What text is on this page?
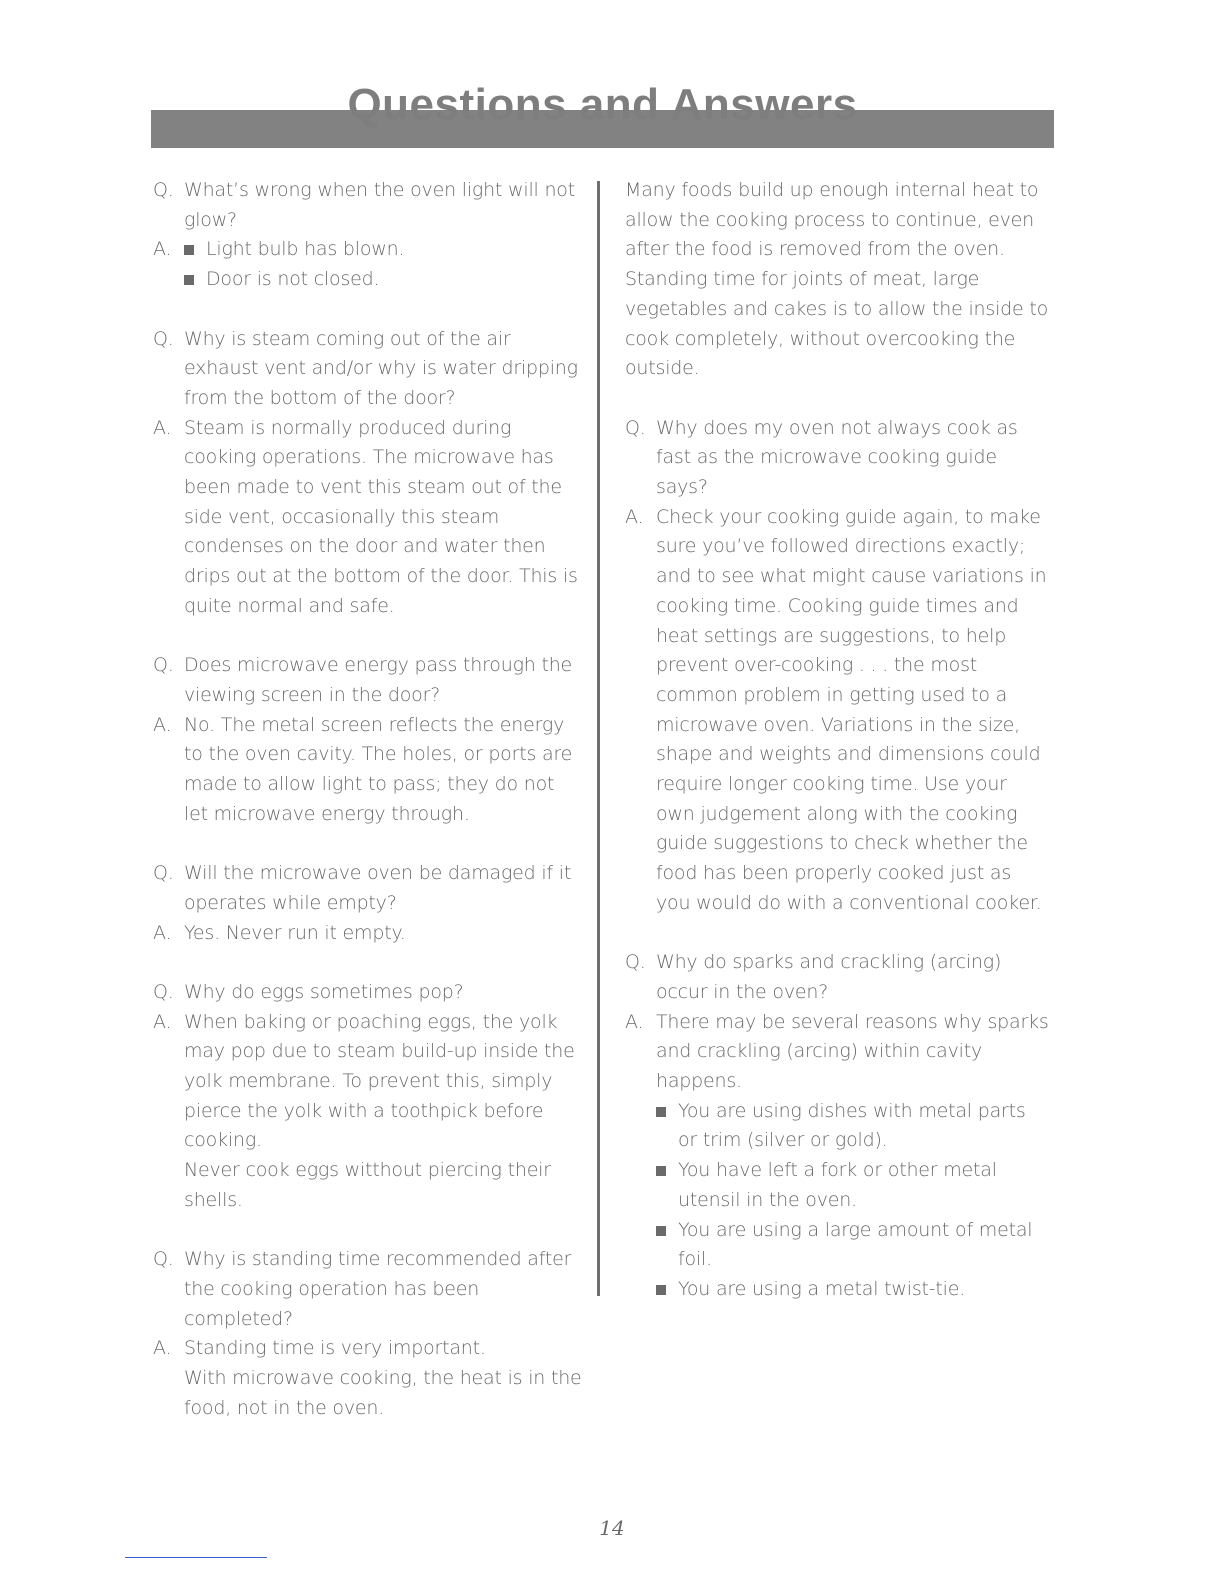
Questions and Answers
Q. What’s wrong when the oven light will not glow?
A.	Light bulb has blown.
Door is not closed.
Q. Why is steam coming out of the air exhaust vent and/or why is water dripping from the bottom of the door?
A. Steam is normally produced during cooking operations. The microwave has been made to vent this steam out of the side vent, occasionally this steam condenses on the door and water then drips out at the bottom of the door. This is quite normal and safe.
Q. Does microwave energy pass through the viewing screen in the door?
A. No. The metal screen reflects the energy to the oven cavity. The holes, or ports are made to allow light to pass; they do not let microwave energy through.
Q. Will the microwave oven be damaged if it operates while empty?
A. Yes. Never run it empty.
Q. Why do eggs sometimes pop?
A. When baking or poaching eggs, the yolk may pop due to steam build-up inside the yolk membrane. To prevent this, simply pierce the yolk with a toothpick before cooking.
Never cook eggs witthout piercing their shells.
Q. Why is standing time recommended after the cooking operation has been completed?
A. Standing time is very important.
With microwave cooking, the heat is in the food, not in the oven.
Many foods build up enough internal heat to allow the cooking process to continue, even after the food is removed from the oven. Standing time for joints of meat, large vegetables and cakes is to allow the inside to cook completely, without overcooking the outside.
Q. Why does my oven not always cook as fast as the microwave cooking guide says?
A. Check your cooking guide again, to make sure you’ve followed directions exactly; and to see what might cause variations in cooking time. Cooking guide times and heat settings are suggestions, to help prevent over-cooking . . . the most common problem in getting used to a microwave oven. Variations in the size, shape and weights and dimensions could require longer cooking time. Use your own judgement along with the cooking guide suggestions to check whether the food has been properly cooked just as you would do with a conventional cooker.
Q. Why do sparks and crackling (arcing) occur in the oven?
A. There may be several reasons why sparks and crackling (arcing) within cavity happens.
You are using dishes with metal parts or trim (silver or gold).
You have left a fork or other metal utensil in the oven.
You are using a large amount of metal foil.
You are using a metal twist-tie.
14
